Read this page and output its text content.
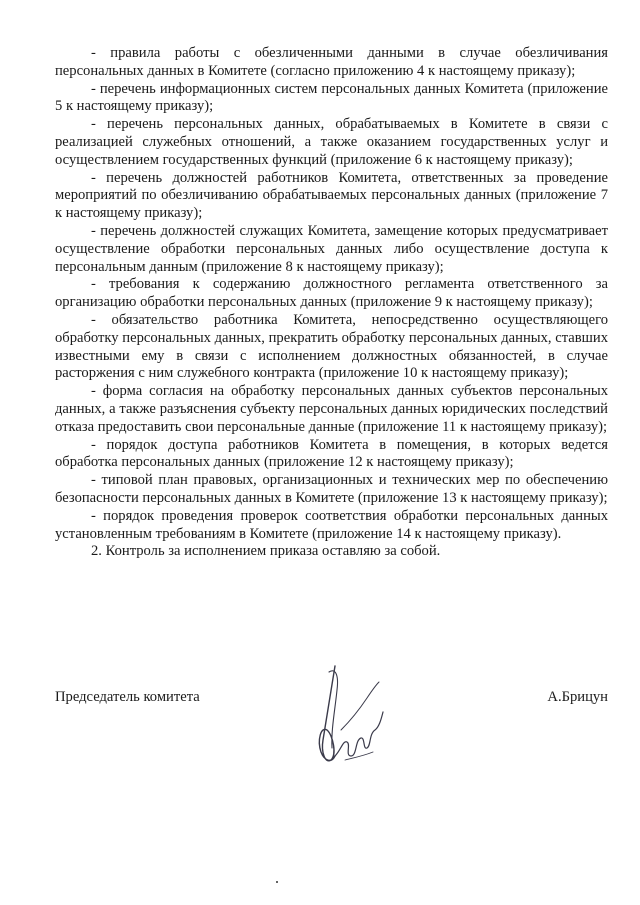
- правила работы с обезличенными данными в случае обезличивания персональных данных в Комитете (согласно приложению 4 к настоящему приказу);

- перечень информационных систем персональных данных Комитета (приложение 5 к настоящему приказу);

- перечень персональных данных, обрабатываемых в Комитете в связи с реализацией служебных отношений, а также оказанием государственных услуг и осуществлением государственных функций (приложение 6 к настоящему приказу);

- перечень должностей работников Комитета, ответственных за проведение мероприятий по обезличиванию обрабатываемых персональных данных (приложение 7 к настоящему приказу);

- перечень должностей служащих Комитета, замещение которых предусматривает осуществление обработки персональных данных либо осуществление доступа к персональным данным (приложение 8 к настоящему приказу);

- требования к содержанию должностного регламента ответственного за организацию обработки персональных данных (приложение 9 к настоящему приказу);

- обязательство работника Комитета, непосредственно осуществляющего обработку персональных данных, прекратить обработку персональных данных, ставших известными ему в связи с исполнением должностных обязанностей, в случае расторжения с ним служебного контракта (приложение 10 к настоящему приказу);

- форма согласия на обработку персональных данных субъектов персональных данных, а также разъяснения субъекту персональных данных юридических последствий отказа предоставить свои персональные данные (приложение 11 к настоящему приказу);

- порядок доступа работников Комитета в помещения, в которых ведется обработка персональных данных (приложение 12 к настоящему приказу);

- типовой план правовых, организационных и технических мер по обеспечению безопасности персональных данных в Комитете (приложение 13 к настоящему приказу);

- порядок проведения проверок соответствия обработки персональных данных установленным требованиям в Комитете (приложение 14 к настоящему приказу).

2. Контроль за исполнением приказа оставляю за собой.

Председатель комитета	А.Брицун
